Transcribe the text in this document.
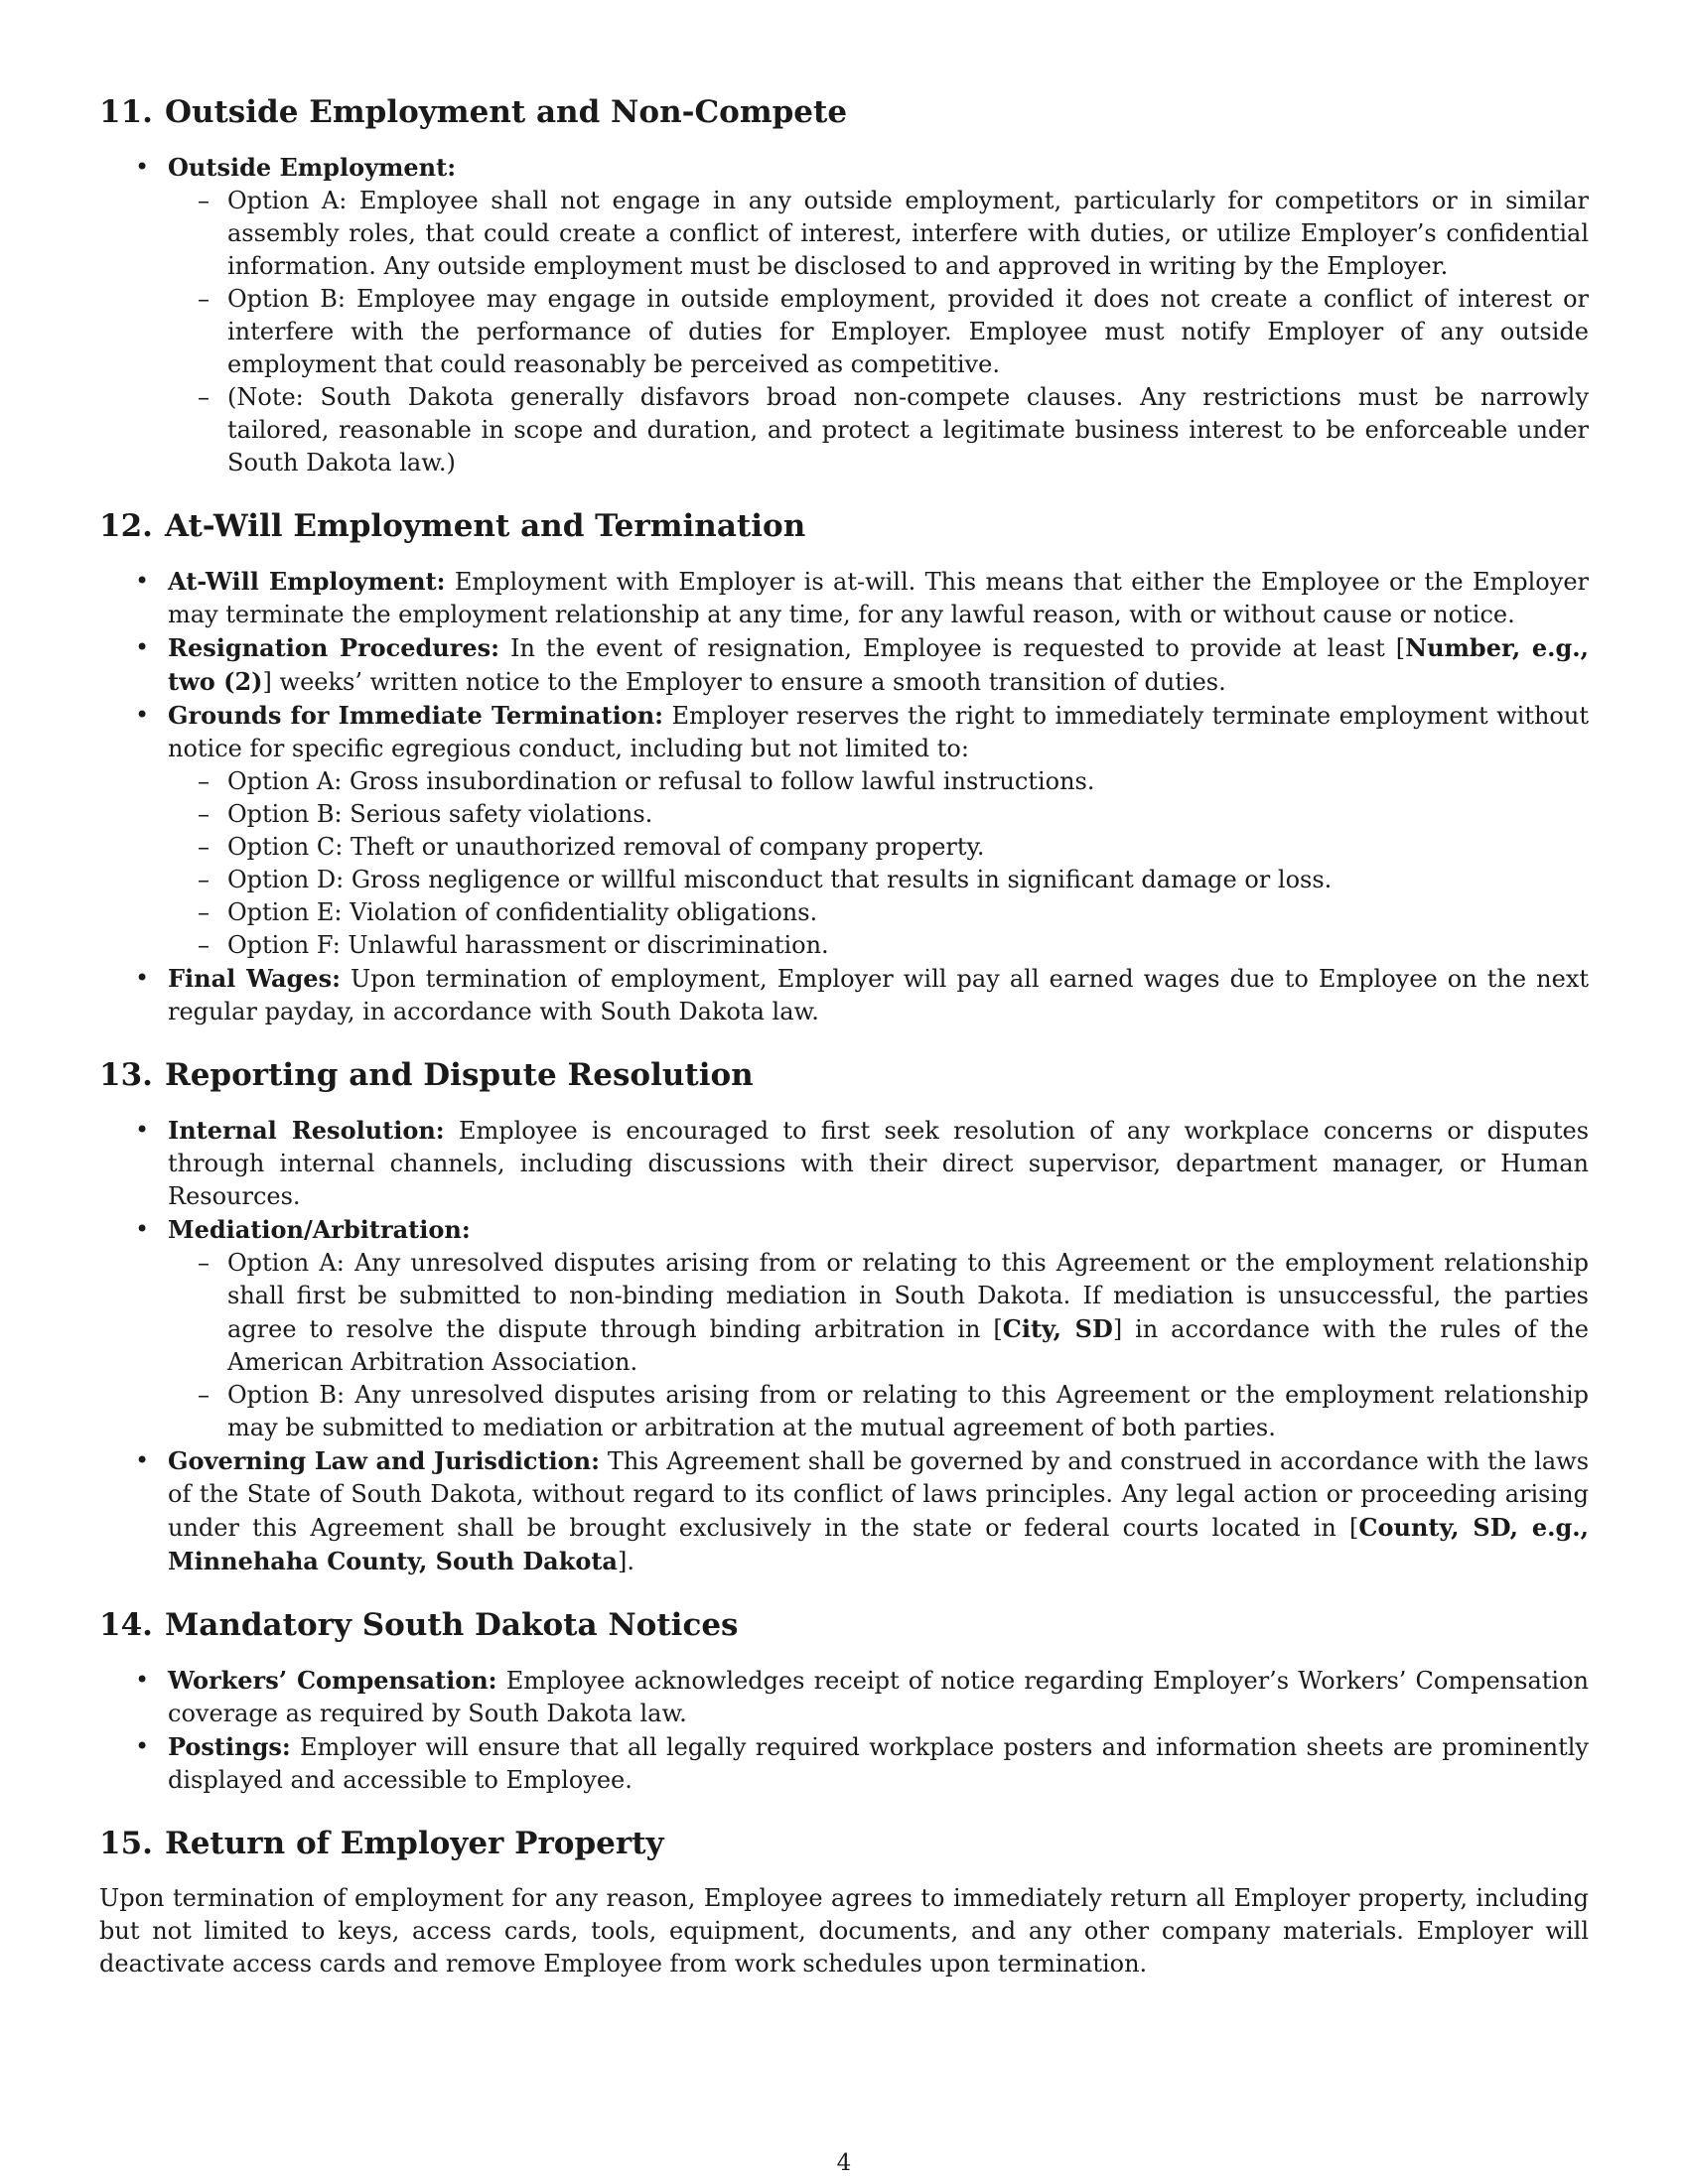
11. Outside Employment and Non-Compete
• Outside Employment:
– Option A: Employee shall not engage in any outside employment, particularly for competitors or in similar assembly roles, that could create a conflict of interest, interfere with duties, or utilize Employer’s confidential information. Any outside employment must be disclosed to and approved in writing by the Employer.
– Option B: Employee may engage in outside employment, provided it does not create a conflict of interest or interfere with the performance of duties for Employer. Employee must notify Employer of any outside employment that could reasonably be perceived as competitive.
– (Note: South Dakota generally disfavors broad non-compete clauses. Any restrictions must be narrowly tailored, reasonable in scope and duration, and protect a legitimate business interest to be enforceable under South Dakota law.)
12. At-Will Employment and Termination
• At-Will Employment: Employment with Employer is at-will. This means that either the Employee or the Employer may terminate the employment relationship at any time, for any lawful reason, with or without cause or notice.
• Resignation Procedures: In the event of resignation, Employee is requested to provide at least [Number, e.g., two (2)] weeks’ written notice to the Employer to ensure a smooth transition of duties.
• Grounds for Immediate Termination: Employer reserves the right to immediately terminate employment without notice for specific egregious conduct, including but not limited to:
– Option A: Gross insubordination or refusal to follow lawful instructions.
– Option B: Serious safety violations.
– Option C: Theft or unauthorized removal of company property.
– Option D: Gross negligence or willful misconduct that results in significant damage or loss.
– Option E: Violation of confidentiality obligations.
– Option F: Unlawful harassment or discrimination.
• Final Wages: Upon termination of employment, Employer will pay all earned wages due to Employee on the next regular payday, in accordance with South Dakota law.
13. Reporting and Dispute Resolution
• Internal Resolution: Employee is encouraged to first seek resolution of any workplace concerns or disputes through internal channels, including discussions with their direct supervisor, department manager, or Human Resources.
• Mediation/Arbitration:
– Option A: Any unresolved disputes arising from or relating to this Agreement or the employment relationship shall first be submitted to non-binding mediation in South Dakota. If mediation is unsuccessful, the parties agree to resolve the dispute through binding arbitration in [City, SD] in accordance with the rules of the American Arbitration Association.
– Option B: Any unresolved disputes arising from or relating to this Agreement or the employment relationship may be submitted to mediation or arbitration at the mutual agreement of both parties.
• Governing Law and Jurisdiction: This Agreement shall be governed by and construed in accordance with the laws of the State of South Dakota, without regard to its conflict of laws principles. Any legal action or proceeding arising under this Agreement shall be brought exclusively in the state or federal courts located in [County, SD, e.g., Minnehaha County, South Dakota].
14. Mandatory South Dakota Notices
• Workers’ Compensation: Employee acknowledges receipt of notice regarding Employer’s Workers’ Compensation coverage as required by South Dakota law.
• Postings: Employer will ensure that all legally required workplace posters and information sheets are prominently displayed and accessible to Employee.
15. Return of Employer Property

Upon termination of employment for any reason, Employee agrees to immediately return all Employer property, including but not limited to keys, access cards, tools, equipment, documents, and any other company materials. Employer will deactivate access cards and remove Employee from work schedules upon termination.

4
